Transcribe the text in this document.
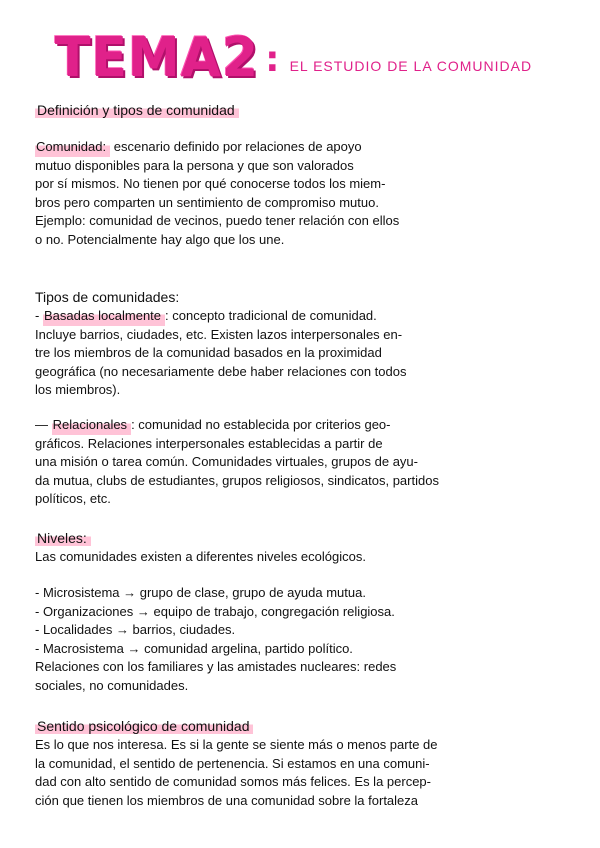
TEMA2 : EL ESTUDIO DE LA COMUNIDAD
Definición y tipos de comunidad

Comunidad: escenario definido por relaciones de apoyo
mutuo disponibles para la persona y que son valorados
por sí mismos. No tienen por qué conocerse todos los miem-
bros pero comparten un sentimiento de compromiso mutuo.
Ejemplo: comunidad de vecinos, puedo tener relación con ellos
o no. Potencialmente hay algo que los une.

Tipos de comunidades:

- Basadas localmente : concepto tradicional de comunidad.
Incluye barrios, ciudades, etc. Existen lazos interpersonales en-
tre los miembros de la comunidad basados en la proximidad
geográfica (no necesariamente debe haber relaciones con todos
los miembros).

— Relacionales : comunidad no establecida por criterios geo-
gráficos. Relaciones interpersonales establecidas a partir de
una misión o tarea común. Comunidades virtuales, grupos de ayu-
da mutua, clubs de estudiantes, grupos religiosos, sindicatos, partidos
políticos, etc.

Niveles:

Las comunidades existen a diferentes niveles ecológicos.

- Microsistema → grupo de clase, grupo de ayuda mutua.
- Organizaciones → equipo de trabajo, congregación religiosa.
- Localidades → barrios, ciudades.
- Macrosistema → comunidad argelina, partido político.
Relaciones con los familiares y las amistades nucleares: redes
sociales, no comunidades.

Sentido psicológico de comunidad

Es lo que nos interesa. Es si la gente se siente más o menos parte de
la comunidad, el sentido de pertenencia. Si estamos en una comuni-
dad con alto sentido de comunidad somos más felices. Es la percep-
ción que tienen los miembros de una comunidad sobre la fortaleza
